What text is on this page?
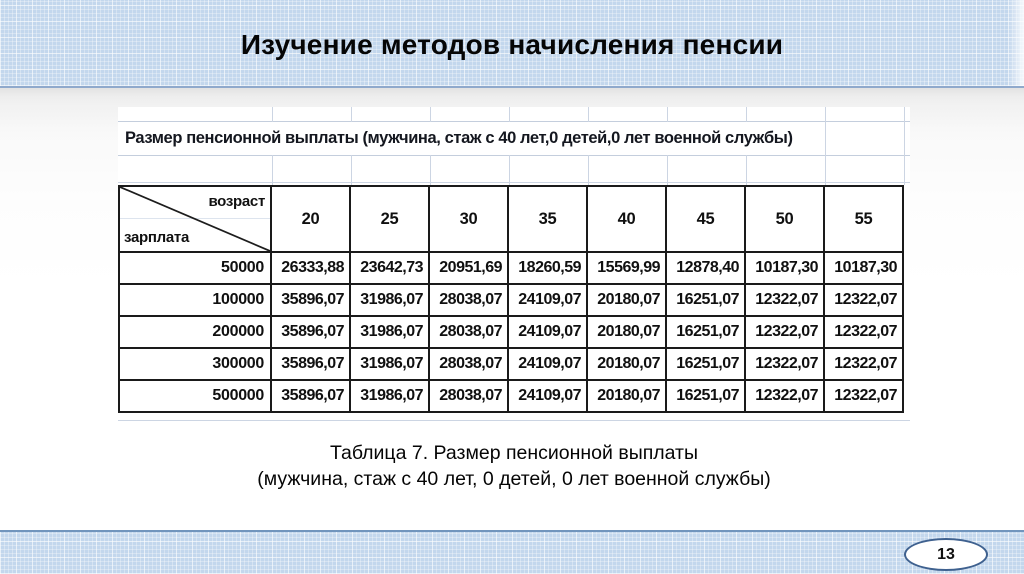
Изучение методов начисления пенсии
Размер пенсионной выплаты (мужчина, стаж с 40 лет,0 детей,0 лет военной службы)
возраст
зарплата	20	25	30	35	40	45	50	55
50000	26333,88	23642,73	20951,69	18260,59	15569,99	12878,40	10187,30	10187,30
100000	35896,07	31986,07	28038,07	24109,07	20180,07	16251,07	12322,07	12322,07
200000	35896,07	31986,07	28038,07	24109,07	20180,07	16251,07	12322,07	12322,07
300000	35896,07	31986,07	28038,07	24109,07	20180,07	16251,07	12322,07	12322,07
500000	35896,07	31986,07	28038,07	24109,07	20180,07	16251,07	12322,07	12322,07
Таблица 7. Размер пенсионной выплаты
(мужчина, стаж с 40 лет, 0 детей, 0 лет военной службы)
13
